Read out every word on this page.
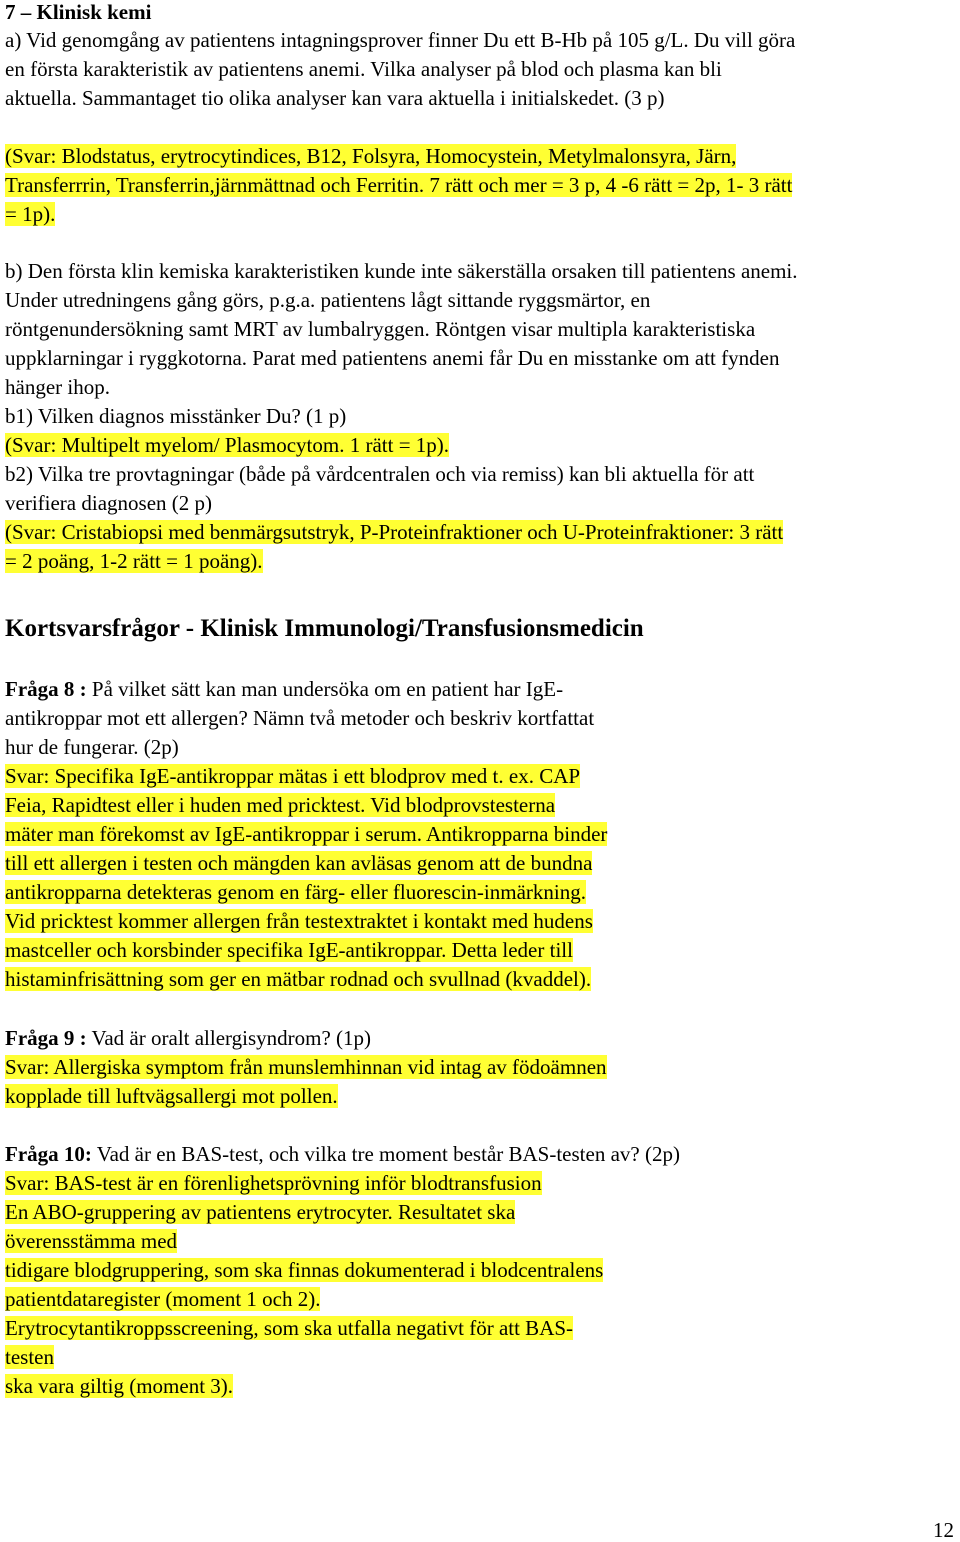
7 – Klinisk kemi
a) Vid genomgång av patientens intagningsprover finner Du ett B-Hb på 105 g/L. Du vill göra
en första karakteristik av patientens anemi. Vilka analyser på blod och plasma kan bli
aktuella. Sammantaget tio olika analyser kan vara aktuella i initialskedet. (3 p)
(Svar: Blodstatus, erytrocytindices, B12, Folsyra, Homocystein, Metylmalonsyra, Järn,
Transferrrin, Transferrin,järnmättnad och Ferritin. 7 rätt och mer = 3 p, 4 -6 rätt = 2p, 1- 3 rätt
= 1p).
b) Den första klin kemiska karakteristiken kunde inte säkerställa orsaken till patientens anemi.
Under utredningens gång görs, p.g.a. patientens lågt sittande ryggsmärtor, en
röntgenundersökning samt MRT av lumbalryggen. Röntgen visar multipla karakteristiska
uppklarningar i ryggkotorna. Parat med patientens anemi får Du en misstanke om att fynden
hänger ihop.
b1) Vilken diagnos misstänker Du? (1 p)
(Svar: Multipelt myelom/ Plasmocytom. 1 rätt = 1p).
b2) Vilka tre provtagningar (både på vårdcentralen och via remiss) kan bli aktuella för att
verifiera diagnosen (2 p)
(Svar: Cristabiopsi med benmärgsutstryk, P-Proteinfraktioner och U-Proteinfraktioner: 3 rätt
= 2 poäng, 1-2 rätt = 1 poäng).
Kortsvarsfrågor - Klinisk Immunologi/Transfusionsmedicin
Fråga 8 : På vilket sätt kan man undersöka om en patient har IgE-
antikroppar mot ett allergen? Nämn två metoder och beskriv kortfattat
hur de fungerar. (2p)
Svar: Specifika IgE-antikroppar mätas i ett blodprov med t. ex. CAP
Feia, Rapidtest eller i huden med pricktest. Vid blodprovstesterna
mäter man förekomst av IgE-antikroppar i serum. Antikropparna binder
till ett allergen i testen och mängden kan avläsas genom att de bundna
antikropparna detekteras genom en färg- eller fluorescin-inmärkning.
Vid pricktest kommer allergen från testextraktet i kontakt med hudens
mastceller och korsbinder specifika IgE-antikroppar. Detta leder till
histaminfrisättning som ger en mätbar rodnad och svullnad (kvaddel).
Fråga 9 : Vad är oralt allergisyndrom? (1p)
Svar: Allergiska symptom från munslemhinnan vid intag av födoämnen
kopplade till luftvägsallergi mot pollen.
Fråga 10: Vad är en BAS-test, och vilka tre moment består BAS-testen av? (2p)
Svar: BAS-test är en förenlighetsprövning inför blodtransfusion
En ABO-gruppering av patientens erytrocyter. Resultatet ska
överensstämma med
tidigare blodgruppering, som ska finnas dokumenterad i blodcentralens
patientdataregister (moment 1 och 2).
Erytrocytantikroppsscreening, som ska utfalla negativt för att BAS-
testen
ska vara giltig (moment 3).
12
